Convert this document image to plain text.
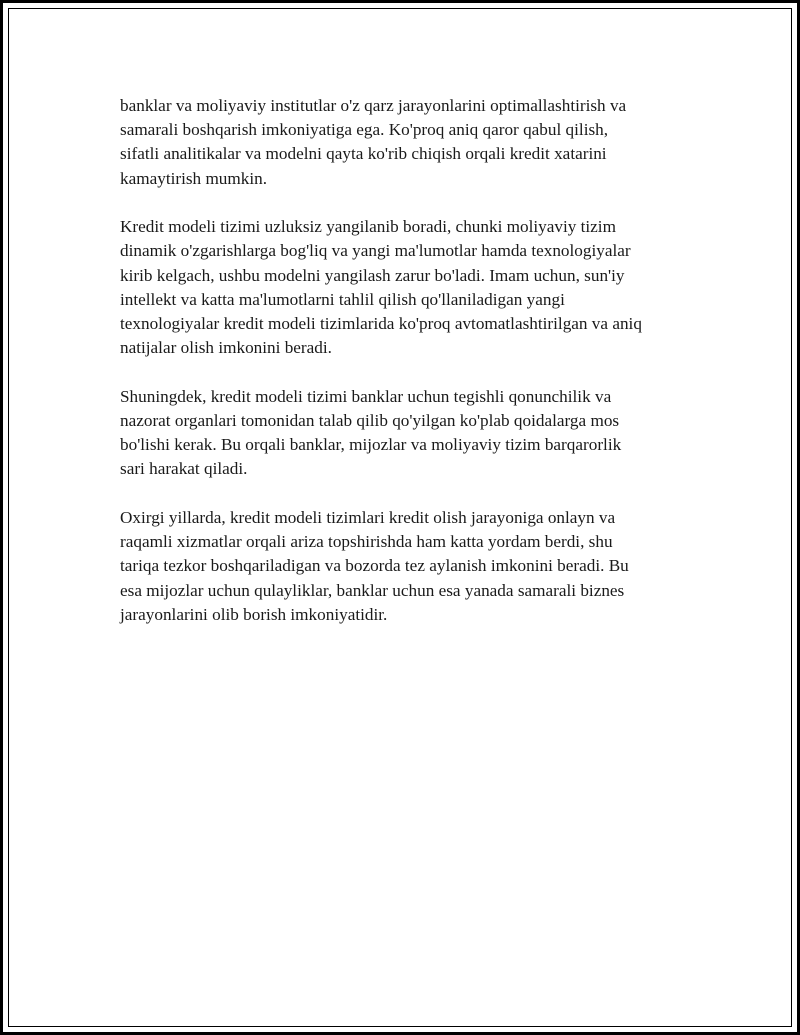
banklar va moliyaviy institutlar o'z qarz jarayonlarini optimallashtirish va
samarali boshqarish imkoniyatiga ega. Ko'proq aniq qaror qabul qilish,
sifatli analitikalar va modelni qayta ko'rib chiqish orqali kredit xatarini
kamaytirish mumkin.

Kredit modeli tizimi uzluksiz yangilanib boradi, chunki moliyaviy tizim
dinamik o'zgarishlarga bog'liq va yangi ma'lumotlar hamda texnologiyalar
kirib kelgach, ushbu modelni yangilash zarur bo'ladi. Imam uchun, sun'iy
intellekt va katta ma'lumotlarni tahlil qilish qo'llaniladigan yangi
texnologiyalar kredit modeli tizimlarida ko'proq avtomatlashtirilgan va aniq
natijalar olish imkonini beradi.

Shuningdek, kredit modeli tizimi banklar uchun tegishli qonunchilik va
nazorat organlari tomonidan talab qilib qo'yilgan ko'plab qoidalarga mos
bo'lishi kerak. Bu orqali banklar, mijozlar va moliyaviy tizim barqarorlik
sari harakat qiladi.

Oxirgi yillarda, kredit modeli tizimlari kredit olish jarayoniga onlayn va
raqamli xizmatlar orqali ariza topshirishda ham katta yordam berdi, shu
tariqa tezkor boshqariladigan va bozorda tez aylanish imkonini beradi. Bu
esa mijozlar uchun qulayliklar, banklar uchun esa yanada samarali biznes
jarayonlarini olib borish imkoniyatidir.
